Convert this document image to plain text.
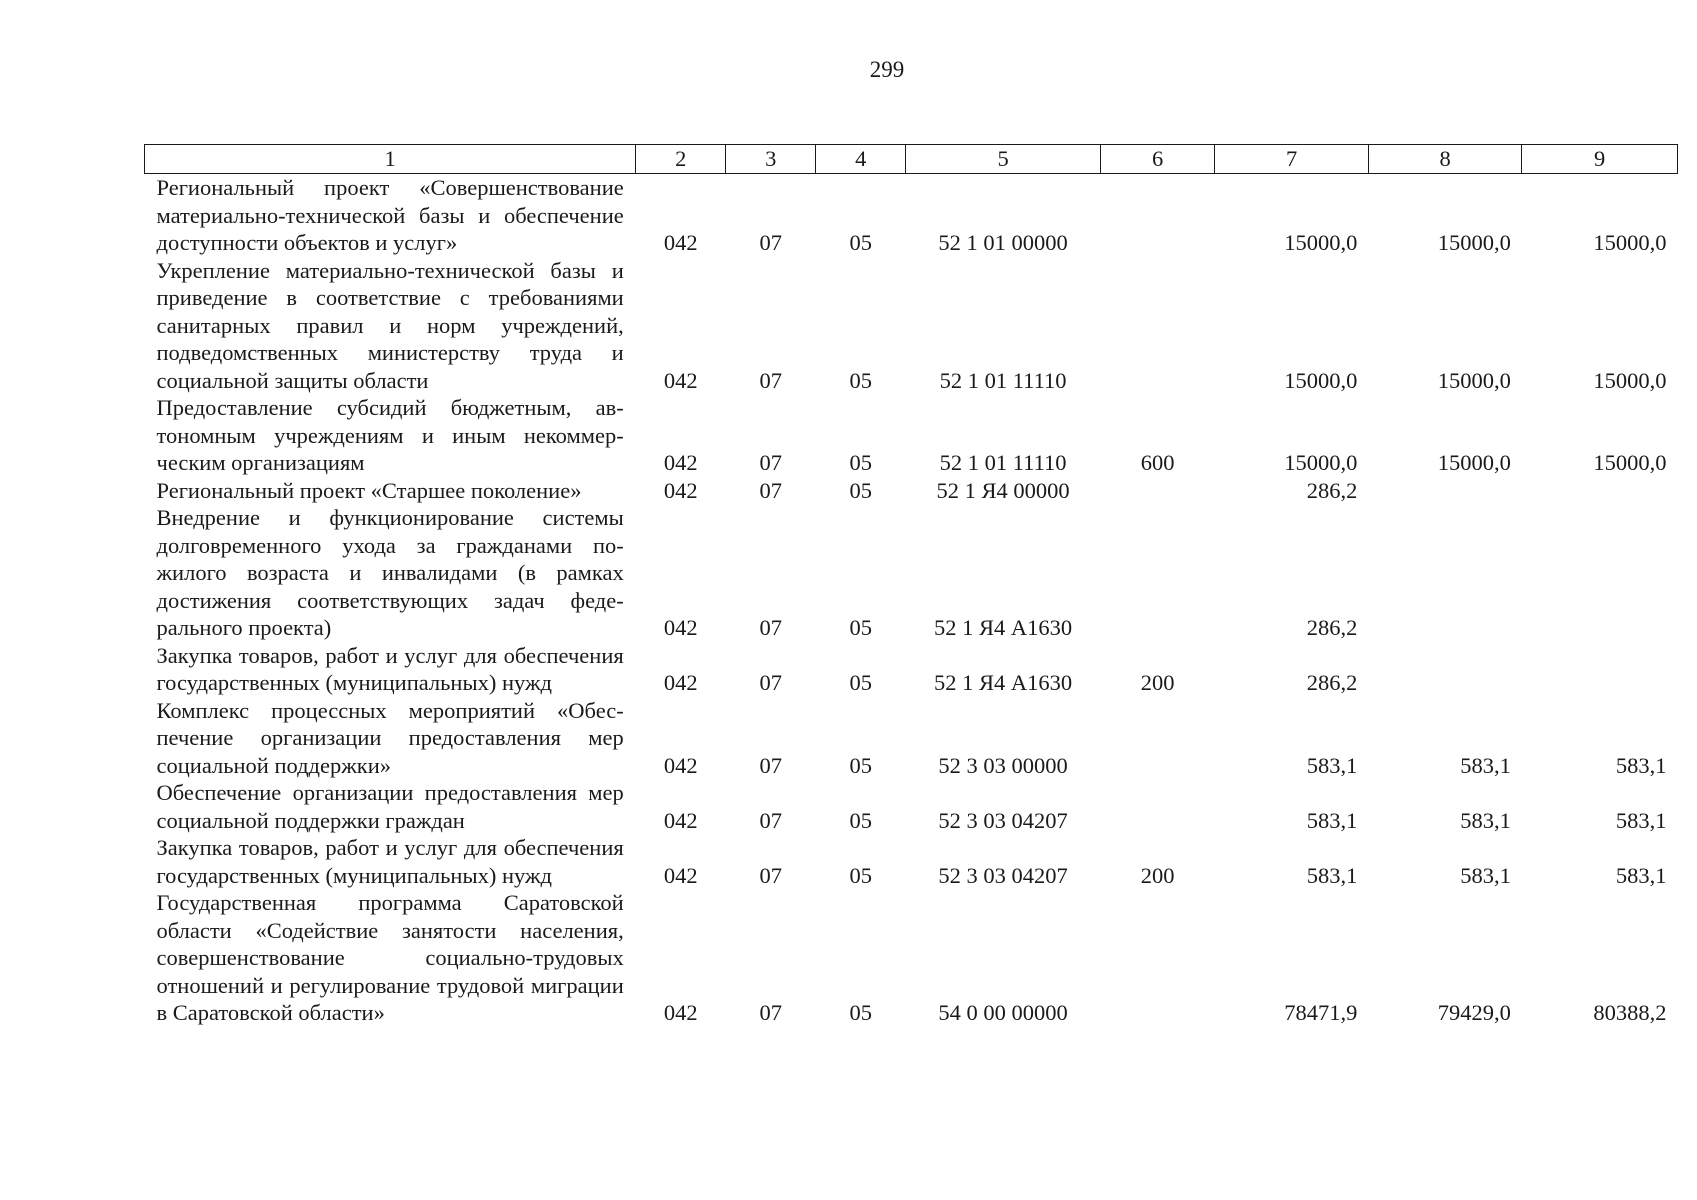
299
1	2	3	4	5	6	7	8	9
Региональный проект «Совершенствование материально-технической базы и обеспечение доступности объектов и услуг»	042	07	05	52 1 01 00000		15000,0	15000,0	15000,0
Укрепление материально-технической базы и приведение в соответствие с требованиями санитарных правил и норм учреждений, подведомственных министерству труда и социальной защиты области	042	07	05	52 1 01 11110		15000,0	15000,0	15000,0
Предоставление субсидий бюджетным, автономным учреждениям и иным некоммерческим организациям	042	07	05	52 1 01 11110	600	15000,0	15000,0	15000,0
Региональный проект «Старшее поколение»	042	07	05	52 1 Я4 00000		286,2		
Внедрение и функционирование системы долговременного ухода за гражданами пожилого возраста и инвалидами (в рамках достижения соответствующих задач федерального проекта)	042	07	05	52 1 Я4 А1630		286,2		
Закупка товаров, работ и услуг для обеспечения государственных (муниципальных) нужд	042	07	05	52 1 Я4 А1630	200	286,2		
Комплекс процессных мероприятий «Обеспечение организации предоставления мер социальной поддержки»	042	07	05	52 3 03 00000		583,1	583,1	583,1
Обеспечение организации предоставления мер социальной поддержки граждан	042	07	05	52 3 03 04207		583,1	583,1	583,1
Закупка товаров, работ и услуг для обеспечения государственных (муниципальных) нужд	042	07	05	52 3 03 04207	200	583,1	583,1	583,1
Государственная программа Саратовской области «Содействие занятости населения, совершенствование социально-трудовых отношений и регулирование трудовой миграции в Саратовской области»	042	07	05	54 0 00 00000		78471,9	79429,0	80388,2
